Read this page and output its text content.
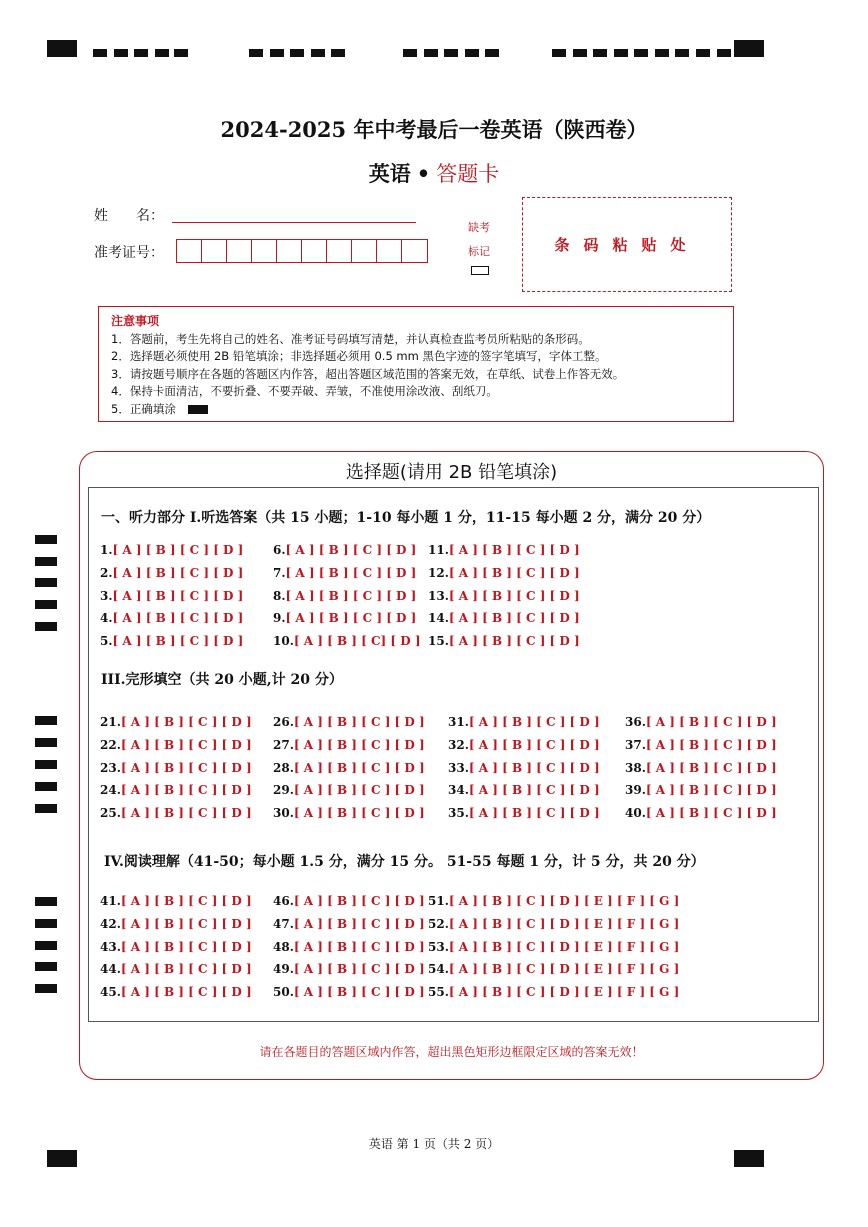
2024-2025 年中考最后一卷英语（陕西卷）
英语 • 答题卡
姓　　名：
准考证号：
缺考
标记	条码粘贴处
注意事项
1．答题前，考生先将自己的姓名、准考证号码填写清楚，并认真检查监考员所粘贴的条形码。
2．选择题必须使用 2B 铅笔填涂；非选择题必须用 0.5 mm 黑色字迹的签字笔填写，字体工整。
3．请按题号顺序在各题的答题区内作答，超出答题区域范围的答案无效，在草纸、试卷上作答无效。
4．保持卡面清洁，不要折叠、不要弄破、弄皱，不准使用涂改液、刮纸刀。
5．正确填涂
选择题(请用 2B 铅笔填涂)
一、听力部分 I.听选答案（共 15 小题；1-10 每小题 1 分，11-15 每小题 2 分，满分 20 分）
III.完形填空（共 20 小题,计 20 分）
IV.阅读理解（41-50；每小题 1.5 分，满分 15 分。 51-55 每题 1 分，计 5 分，共 20 分）
1.[ A ] [ B ] [ C ] [ D ]
2.[ A ] [ B ] [ C ] [ D ]
3.[ A ] [ B ] [ C ] [ D ]
4.[ A ] [ B ] [ C ] [ D ]
5.[ A ] [ B ] [ C ] [ D ]
6.[ A ] [ B ] [ C ] [ D ]
7.[ A ] [ B ] [ C ] [ D ]
8.[ A ] [ B ] [ C ] [ D ]
9.[ A ] [ B ] [ C ] [ D ]
10.[ A ] [ B ] [ C] [ D ]
11.[ A ] [ B ] [ C ] [ D ]
12.[ A ] [ B ] [ C ] [ D ]
13.[ A ] [ B ] [ C ] [ D ]
14.[ A ] [ B ] [ C ] [ D ]
15.[ A ] [ B ] [ C ] [ D ]
21.[ A ] [ B ] [ C ] [ D ]
22.[ A ] [ B ] [ C ] [ D ]
23.[ A ] [ B ] [ C ] [ D ]
24.[ A ] [ B ] [ C ] [ D ]
25.[ A ] [ B ] [ C ] [ D ]
26.[ A ] [ B ] [ C ] [ D ]
27.[ A ] [ B ] [ C ] [ D ]
28.[ A ] [ B ] [ C ] [ D ]
29.[ A ] [ B ] [ C ] [ D ]
30.[ A ] [ B ] [ C ] [ D ]
31.[ A ] [ B ] [ C ] [ D ]
32.[ A ] [ B ] [ C ] [ D ]
33.[ A ] [ B ] [ C ] [ D ]
34.[ A ] [ B ] [ C ] [ D ]
35.[ A ] [ B ] [ C ] [ D ]
36.[ A ] [ B ] [ C ] [ D ]
37.[ A ] [ B ] [ C ] [ D ]
38.[ A ] [ B ] [ C ] [ D ]
39.[ A ] [ B ] [ C ] [ D ]
40.[ A ] [ B ] [ C ] [ D ]
41.[ A ] [ B ] [ C ] [ D ]
42.[ A ] [ B ] [ C ] [ D ]
43.[ A ] [ B ] [ C ] [ D ]
44.[ A ] [ B ] [ C ] [ D ]
45.[ A ] [ B ] [ C ] [ D ]
46.[ A ] [ B ] [ C ] [ D ]
47.[ A ] [ B ] [ C ] [ D ]
48.[ A ] [ B ] [ C ] [ D ]
49.[ A ] [ B ] [ C ] [ D ]
50.[ A ] [ B ] [ C ] [ D ]
51.[ A ] [ B ] [ C ] [ D ] [ E ] [ F ] [ G ]
52.[ A ] [ B ] [ C ] [ D ] [ E ] [ F ] [ G ]
53.[ A ] [ B ] [ C ] [ D ] [ E ] [ F ] [ G ]
54.[ A ] [ B ] [ C ] [ D ] [ E ] [ F ] [ G ]
55.[ A ] [ B ] [ C ] [ D ] [ E ] [ F ] [ G ]
请在各题目的答题区域内作答，超出黑色矩形边框限定区域的答案无效！
英语 第 1 页（共 2 页）
